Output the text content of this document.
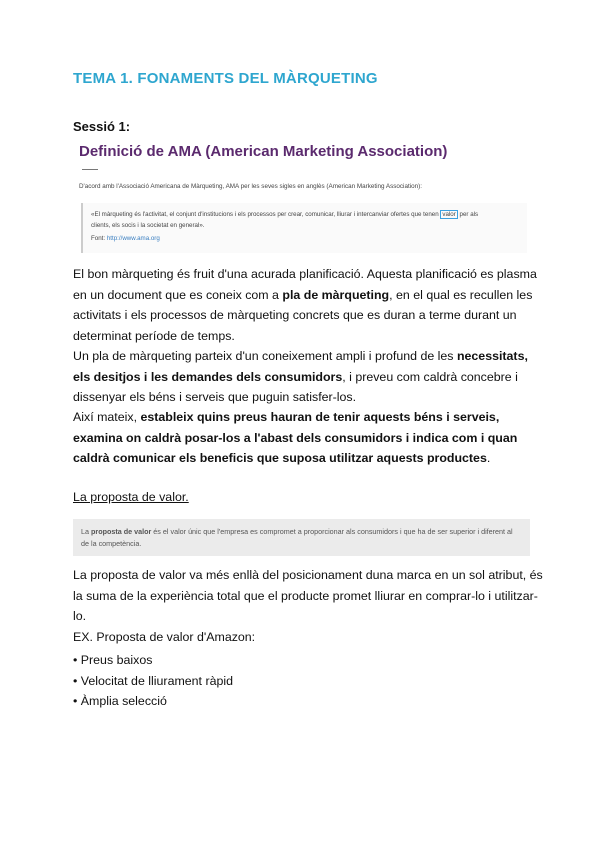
TEMA 1. FONAMENTS DEL MÀRQUETING
Sessió 1:
Definició de AMA (American Marketing Association)
D'acord amb l'Associació Americana de Màrqueting, AMA per les seves sigles en anglès (American Marketing Association):
«El màrqueting és l'activitat, el conjunt d'institucions i els processos per crear, comunicar, lliurar i intercanviar ofertes que tenen valor per als
clients, els socis i la societat en general».
Font: http://www.ama.org
El bon màrqueting és fruit d'una acurada planificació. Aquesta planificació es plasma en un document que es coneix com a pla de màrqueting, en el qual es recullen les activitats i els processos de màrqueting concrets que es duran a terme durant un determinat període de temps.
Un pla de màrqueting parteix d'un coneixement ampli i profund de les necessitats, els desitjos i les demandes dels consumidors, i preveu com caldrà concebre i dissenyar els béns i serveis que puguin satisfer-los.
Així mateix, estableix quins preus hauran de tenir aquests béns i serveis, examina on caldrà posar-los a l'abast dels consumidors i indica com i quan caldrà comunicar els beneficis que suposa utilitzar aquests productes.
La proposta de valor.
La proposta de valor és el valor únic que l'empresa es compromet a proporcionar als consumidors i que ha de ser superior i diferent al de la competència.
La proposta de valor va més enllà del posicionament duna marca en un sol atribut, és la suma de la experiència total que el producte promet lliurar en comprar-lo i utilitzar-lo.
EX. Proposta de valor d'Amazon:
• Preus baixos
• Velocitat de lliurament ràpid
• Àmplia selecció
